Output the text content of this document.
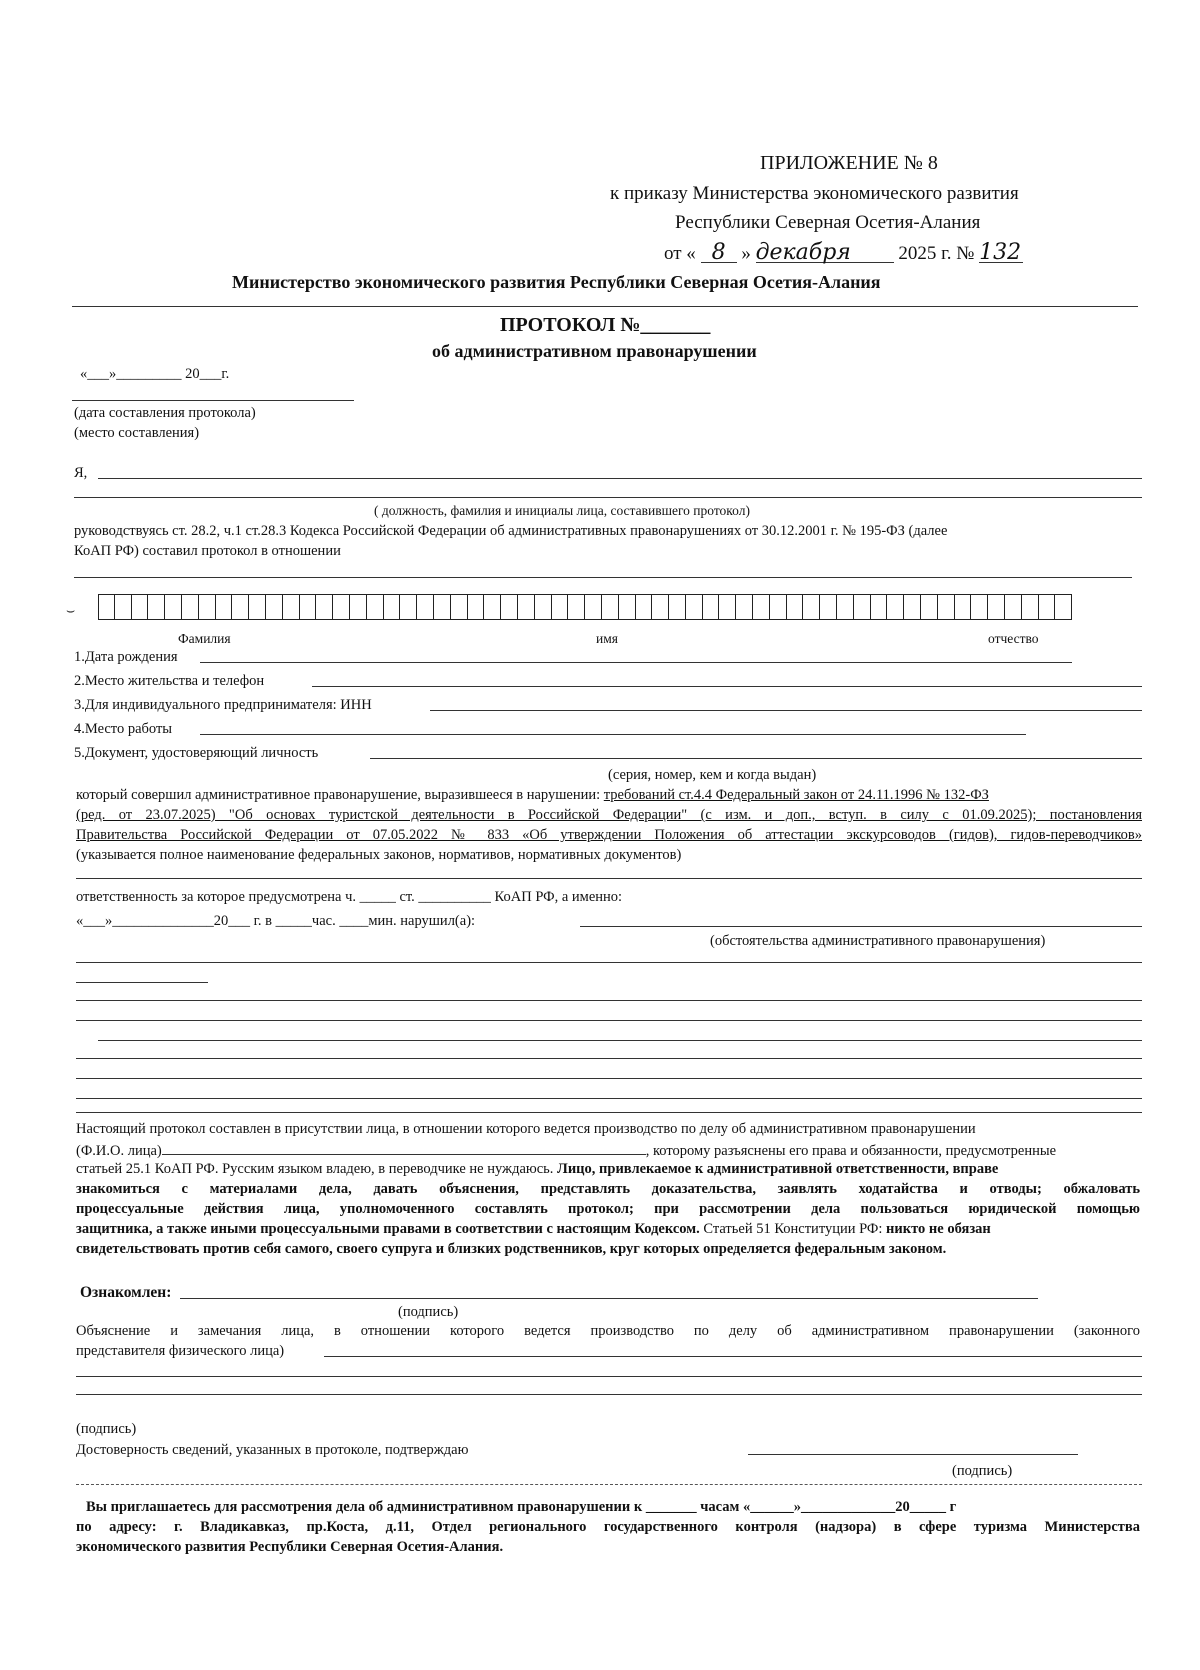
ПРИЛОЖЕНИЕ № 8
к приказу Министерства экономического развития
Республики Северная Осетия-Алания
от « 8 » декабря 2025 г. № 132
Министерство экономического развития Республики Северная Осетия-Алания
ПРОТОКОЛ №_______
об административном правонарушении
«___»_________ 20___г.
(дата составления протокола)
(место составления)
Я,
( должность, фамилия и инициалы лица, составившего протокол)
руководствуясь ст. 28.2, ч.1 ст.28.3 Кодекса Российской Федерации об административных правонарушениях от 30.12.2001 г. № 195-ФЗ (далее
КоАП РФ) составил протокол в отношении
⌣
Фамилия	имя	отчество
1.Дата рождения
2.Место жительства и телефон
3.Для индивидуального предпринимателя: ИНН
4.Место работы
5.Документ, удостоверяющий личность
(серия, номер, кем и когда выдан)
который совершил административное правонарушение, выразившееся в нарушении: требований ст.4.4 Федеральный закон от 24.11.1996 № 132-ФЗ
(ред. от 23.07.2025) "Об основах туристской деятельности в Российской Федерации" (с изм. и доп., вступ. в силу с 01.09.2025); постановления
Правительства Российской Федерации от 07.05.2022 № 833 «Об утверждении Положения об аттестации экскурсоводов (гидов), гидов-переводчиков»
(указывается полное наименование федеральных законов, нормативов, нормативных документов)
ответственность за которое предусмотрена ч. _____ ст. __________ КоАП РФ, а именно:
«___»______________20___ г. в _____час. ____мин. нарушил(а):
(обстоятельства административного правонарушения)
Настоящий протокол составлен в присутствии лица, в отношении которого ведется производство по делу об административном правонарушении
(Ф.И.О. лица)	, которому разъяснены его права и обязанности, предусмотренные
статьей 25.1 КоАП РФ. Русским языком владею, в переводчике не нуждаюсь. Лицо, привлекаемое к административной ответственности, вправе
знакомиться с материалами дела, давать объяснения, представлять доказательства, заявлять ходатайства и отводы; обжаловать
процессуальные действия лица, уполномоченного составлять протокол; при рассмотрении дела пользоваться юридической помощью
защитника, а также иными процессуальными правами в соответствии с настоящим Кодексом. Статьей 51 Конституции РФ: никто не обязан
свидетельствовать против себя самого, своего супруга и близких родственников, круг которых определяется федеральным законом.
Ознакомлен:
(подпись)
Объяснение и замечания лица, в отношении которого ведется производство по делу об административном правонарушении (законного
представителя физического лица)
(подпись)
Достоверность сведений, указанных в протоколе, подтверждаю
(подпись)
Вы приглашаетесь для рассмотрения дела об административном правонарушении к _______ часам «______»_____________20_____ г
по адресу: г. Владикавказ, пр.Коста, д.11, Отдел регионального государственного контроля (надзора) в сфере туризма Министерства
экономического развития Республики Северная Осетия-Алания.
